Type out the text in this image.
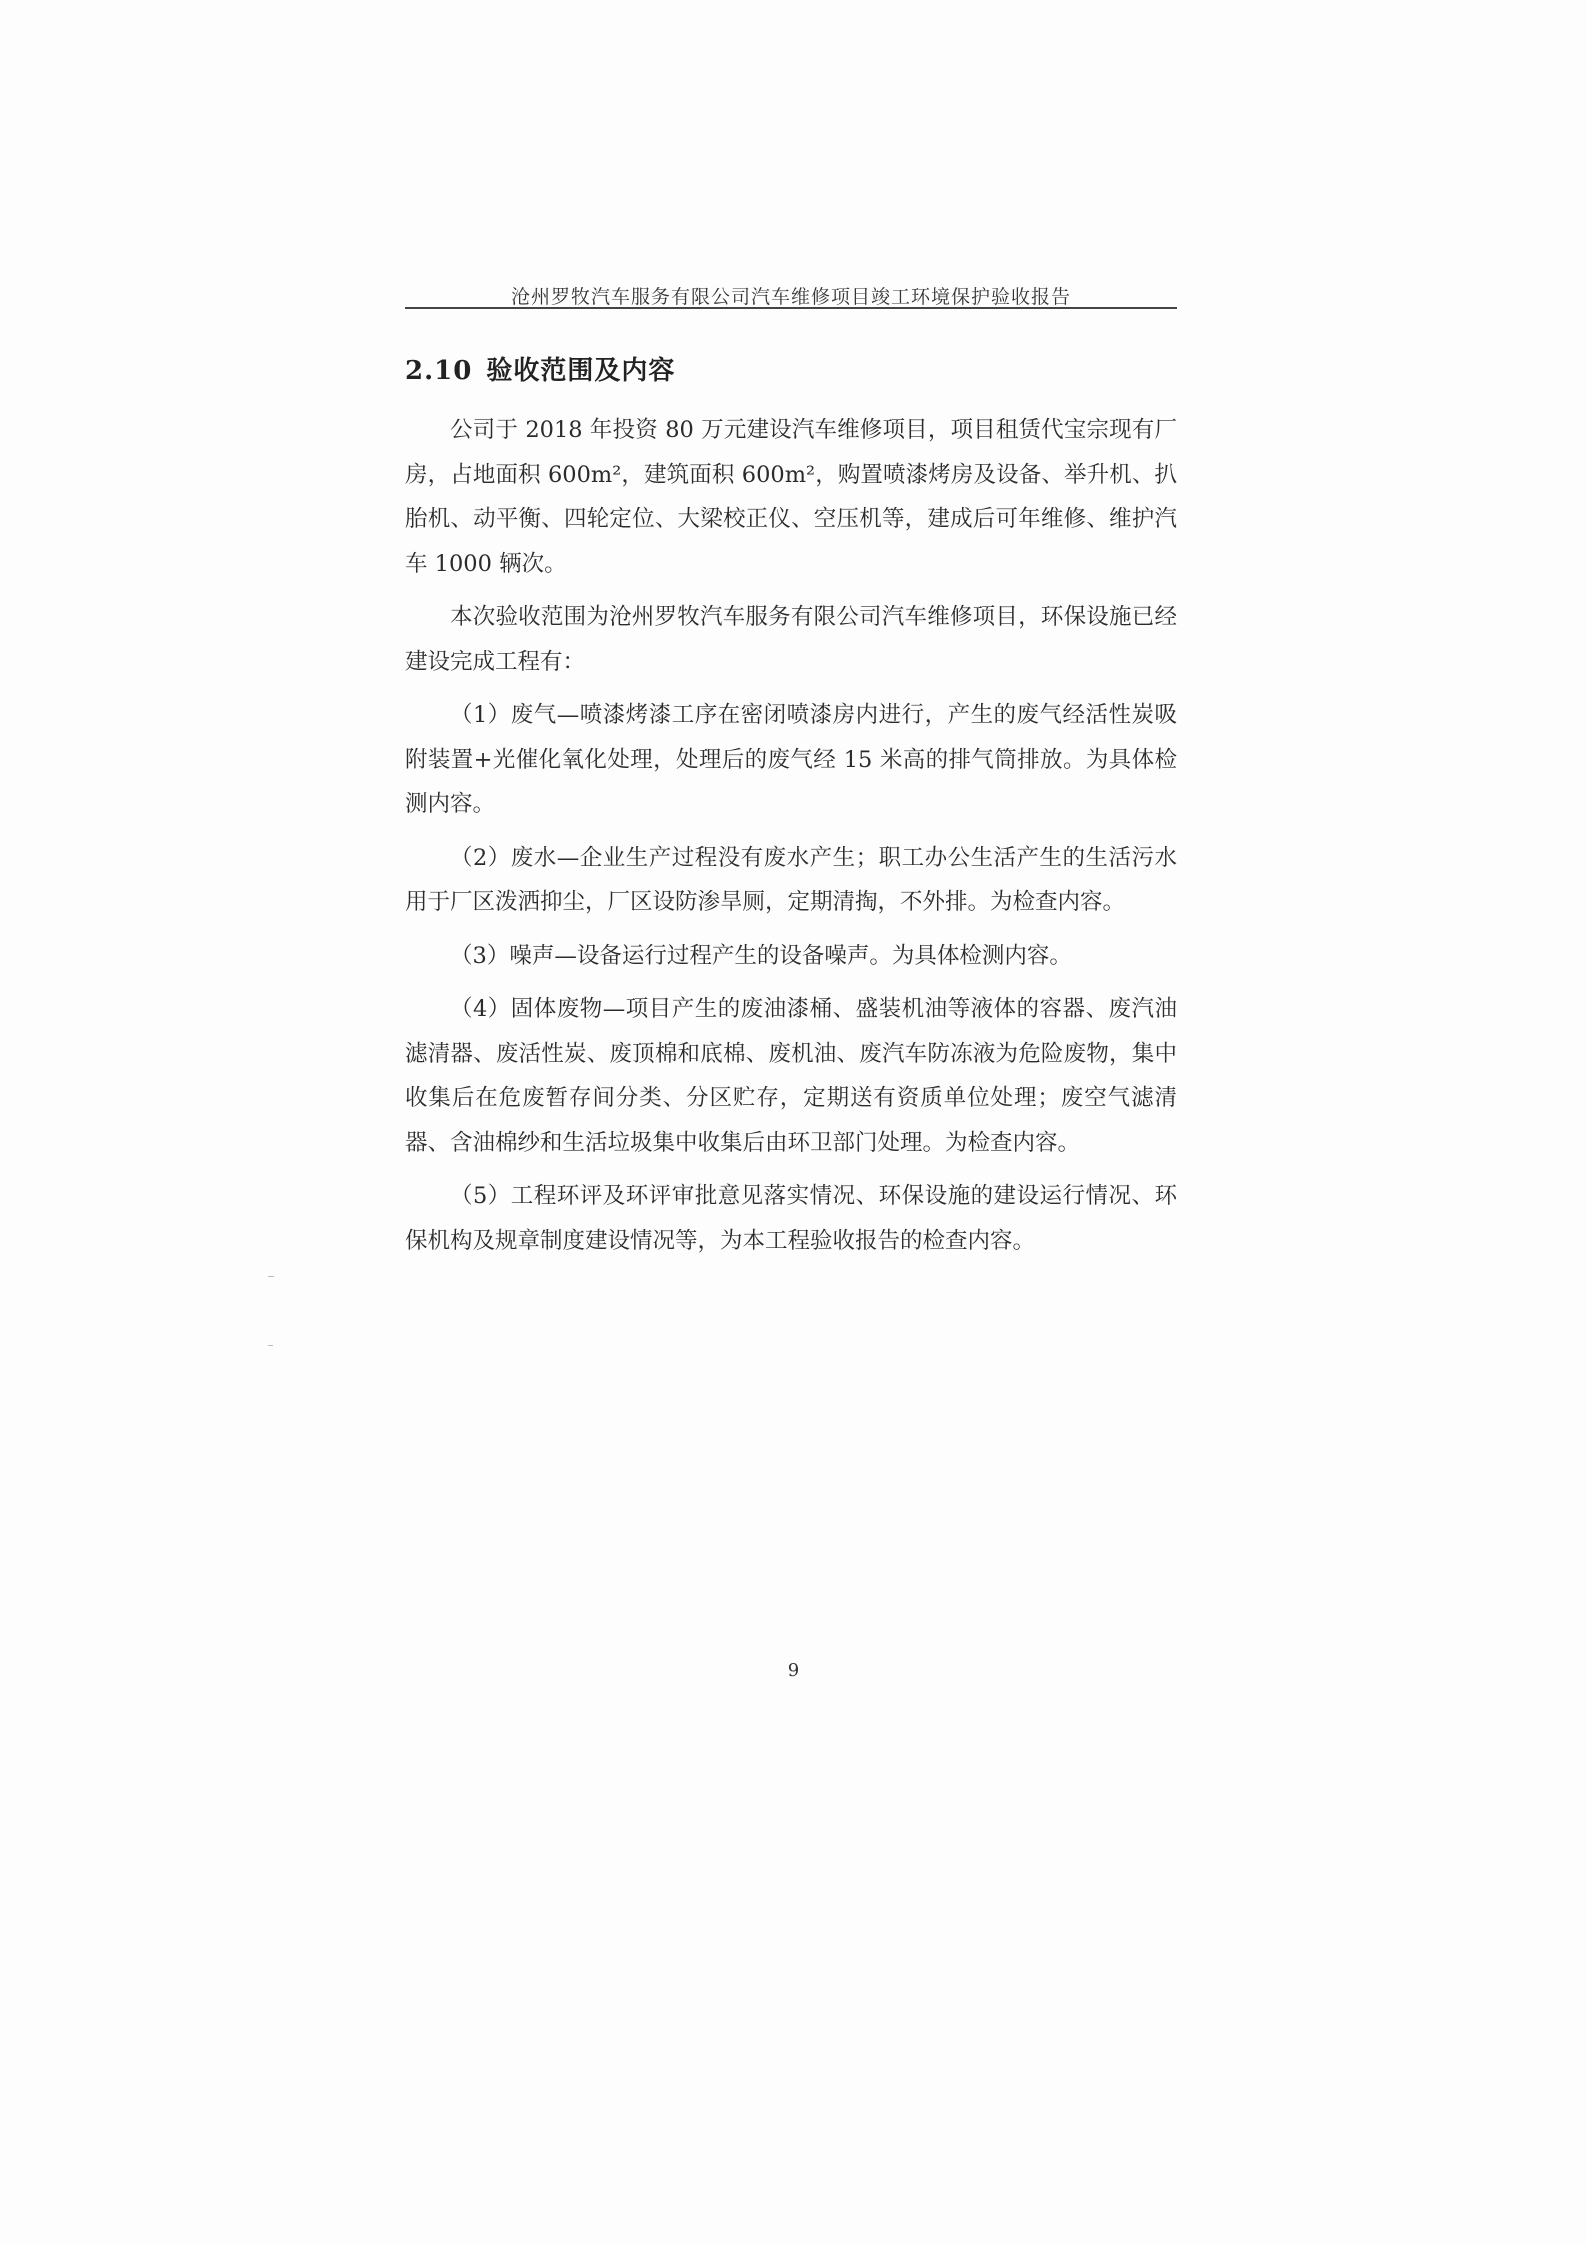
沧州罗牧汽车服务有限公司汽车维修项目竣工环境保护验收报告
2.10 验收范围及内容

公司于 2018 年投资 80 万元建设汽车维修项目，项目租赁代宝宗现有厂房，占地面积 600m²，建筑面积 600m²，购置喷漆烤房及设备、举升机、扒胎机、动平衡、四轮定位、大梁校正仪、空压机等，建成后可年维修、维护汽车 1000 辆次。

本次验收范围为沧州罗牧汽车服务有限公司汽车维修项目，环保设施已经建设完成工程有：

（1）废气—喷漆烤漆工序在密闭喷漆房内进行，产生的废气经活性炭吸附装置+光催化氧化处理，处理后的废气经 15 米高的排气筒排放。为具体检测内容。

（2）废水—企业生产过程没有废水产生；职工办公生活产生的生活污水用于厂区泼洒抑尘，厂区设防渗旱厕，定期清掏，不外排。为检查内容。

（3）噪声—设备运行过程产生的设备噪声。为具体检测内容。

（4）固体废物—项目产生的废油漆桶、盛装机油等液体的容器、废汽油滤清器、废活性炭、废顶棉和底棉、废机油、废汽车防冻液为危险废物，集中收集后在危废暂存间分类、分区贮存，定期送有资质单位处理；废空气滤清器、含油棉纱和生活垃圾集中收集后由环卫部门处理。为检查内容。

（5）工程环评及环评审批意见落实情况、环保设施的建设运行情况、环保机构及规章制度建设情况等，为本工程验收报告的检查内容。

9
